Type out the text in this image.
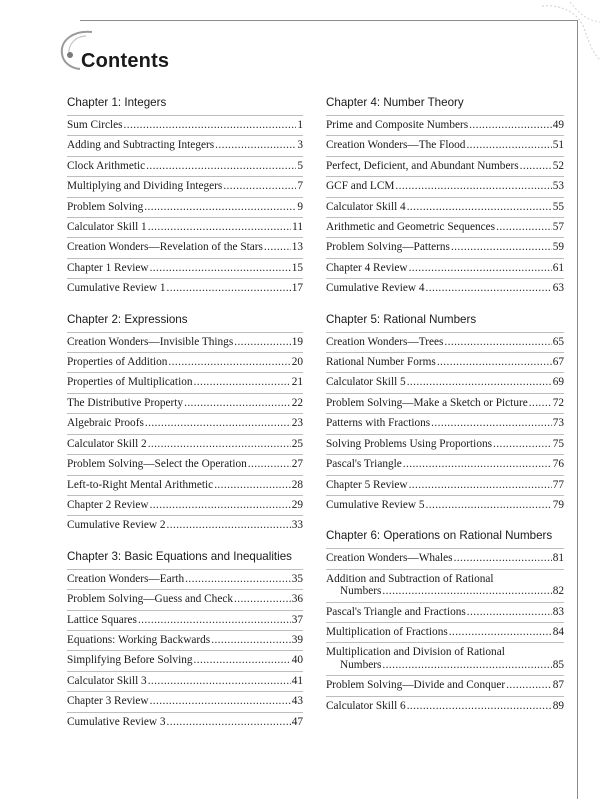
Contents
Chapter 1: Integers
Sum Circles .....	1
Adding and Subtracting Integers .....	3
Clock Arithmetic .....	5
Multiplying and Dividing Integers .....	7
Problem Solving .....	9
Calculator Skill 1 .....	11
Creation Wonders—Revelation of the Stars .....	13
Chapter 1 Review .....	15
Cumulative Review 1 .....	17
Chapter 2: Expressions
Creation Wonders—Invisible Things .....	19
Properties of Addition .....	20
Properties of Multiplication .....	21
The Distributive Property .....	22
Algebraic Proofs .....	23
Calculator Skill 2 .....	25
Problem Solving—Select the Operation .....	27
Left-to-Right Mental Arithmetic .....	28
Chapter 2 Review .....	29
Cumulative Review 2 .....	33
Chapter 3: Basic Equations and Inequalities
Creation Wonders—Earth .....	35
Problem Solving—Guess and Check .....	36
Lattice Squares .....	37
Equations: Working Backwards .....	39
Simplifying Before Solving .....	40
Calculator Skill 3 .....	41
Chapter 3 Review .....	43
Cumulative Review 3 .....	47
Chapter 4: Number Theory
Prime and Composite Numbers .....	49
Creation Wonders—The Flood .....	51
Perfect, Deficient, and Abundant Numbers .....	52
GCF and LCM .....	53
Calculator Skill 4 .....	55
Arithmetic and Geometric Sequences .....	57
Problem Solving—Patterns .....	59
Chapter 4 Review .....	61
Cumulative Review 4 .....	63
Chapter 5: Rational Numbers
Creation Wonders—Trees .....	65
Rational Number Forms .....	67
Calculator Skill 5 .....	69
Problem Solving—Make a Sketch or Picture ..... 72
Patterns with Fractions .....	73
Solving Problems Using Proportions .....	75
Pascal's Triangle .....	76
Chapter 5 Review .....	77
Cumulative Review 5 .....	79
Chapter 6: Operations on Rational Numbers
Creation Wonders—Whales .....	81
Addition and Subtraction of Rational
Numbers .....	82
Pascal's Triangle and Fractions .....	83
Multiplication of Fractions .....	84
Multiplication and Division of Rational
Numbers .....	85
Problem Solving—Divide and Conquer .....	87
Calculator Skill 6 .....	89
